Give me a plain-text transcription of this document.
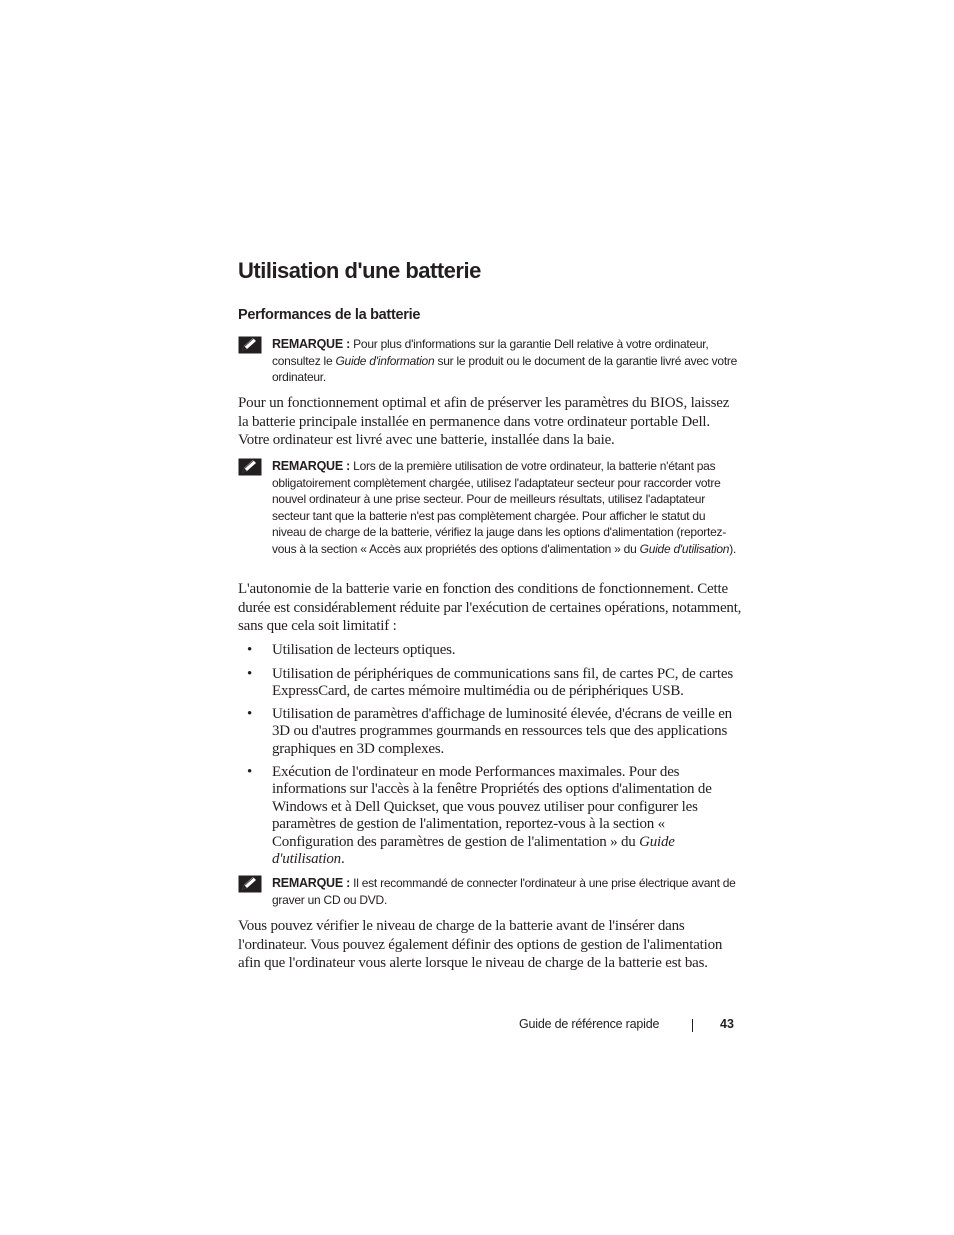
Utilisation d'une batterie
Performances de la batterie
REMARQUE : Pour plus d'informations sur la garantie Dell relative à votre ordinateur, consultez le Guide d'information sur le produit ou le document de la garantie livré avec votre ordinateur.

Pour un fonctionnement optimal et afin de préserver les paramètres du BIOS, laissez la batterie principale installée en permanence dans votre ordinateur portable Dell. Votre ordinateur est livré avec une batterie, installée dans la baie.

REMARQUE : Lors de la première utilisation de votre ordinateur, la batterie n'étant pas obligatoirement complètement chargée, utilisez l'adaptateur secteur pour raccorder votre nouvel ordinateur à une prise secteur. Pour de meilleurs résultats, utilisez l'adaptateur secteur tant que la batterie n'est pas complètement chargée. Pour afficher le statut du niveau de charge de la batterie, vérifiez la jauge dans les options d'alimentation (reportez-vous à la section « Accès aux propriétés des options d'alimentation » du Guide d'utilisation).

L'autonomie de la batterie varie en fonction des conditions de fonctionnement. Cette durée est considérablement réduite par l'exécution de certaines opérations, notamment, sans que cela soit limitatif :

• Utilisation de lecteurs optiques.
• Utilisation de périphériques de communications sans fil, de cartes PC, de cartes ExpressCard, de cartes mémoire multimédia ou de périphériques USB.
• Utilisation de paramètres d'affichage de luminosité élevée, d'écrans de veille en 3D ou d'autres programmes gourmands en ressources tels que des applications graphiques en 3D complexes.
• Exécution de l'ordinateur en mode Performances maximales. Pour des informations sur l'accès à la fenêtre Propriétés des options d'alimentation de Windows et à Dell Quickset, que vous pouvez utiliser pour configurer les paramètres de gestion de l'alimentation, reportez-vous à la section « Configuration des paramètres de gestion de l'alimentation » du Guide d'utilisation.
REMARQUE : Il est recommandé de connecter l'ordinateur à une prise électrique avant de graver un CD ou DVD.

Vous pouvez vérifier le niveau de charge de la batterie avant de l'insérer dans l'ordinateur. Vous pouvez également définir des options de gestion de l'alimentation afin que l'ordinateur vous alerte lorsque le niveau de charge de la batterie est bas.

Guide de référence rapide	43
